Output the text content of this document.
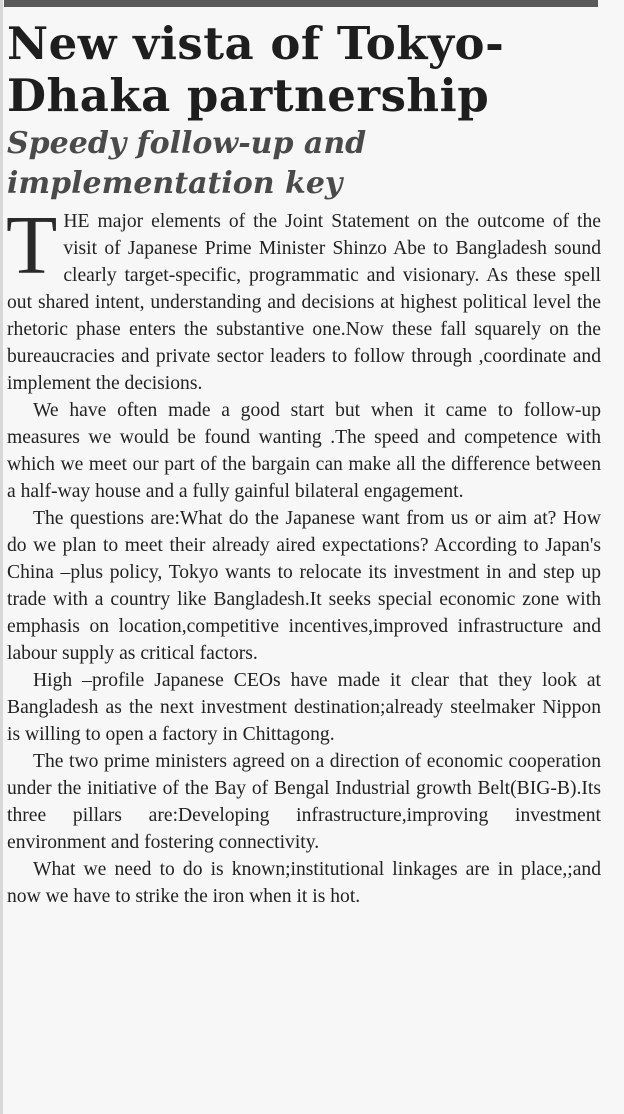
New vista of Tokyo-Dhaka partnership
Speedy follow-up and implementation key

THE major elements of the Joint Statement on the outcome of the visit of Japanese Prime Minister Shinzo Abe to Bangladesh sound clearly target-specific, programmatic and visionary. As these spell out shared intent, understanding and decisions at highest political level the rhetoric phase enters the substantive one.Now these fall squarely on the bureaucracies and private sector leaders to follow through ,coordinate and implement the decisions.

We have often made a good start but when it came to follow-up measures we would be found wanting .The speed and competence with which we meet our part of the bargain can make all the difference between a half-way house and a fully gainful bilateral engagement.

The questions are:What do the Japanese want from us or aim at? How do we plan to meet their already aired expectations? According to Japan's China –plus policy, Tokyo wants to relocate its investment in and step up trade with a country like Bangladesh.It seeks special economic zone with emphasis on location,competitive incentives,improved infrastructure and labour supply as critical factors.

High –profile Japanese CEOs have made it clear that they look at Bangladesh as the next investment destination;already steelmaker Nippon is willing to open a factory in Chittagong.

The two prime ministers agreed on a direction of economic cooperation under the initiative of the Bay of Bengal Industrial growth Belt(BIG-B).Its three pillars are:Developing infrastructure,improving investment environment and fostering connectivity.

What we need to do is known;institutional linkages are in place,;and now we have to strike the iron when it is hot.
